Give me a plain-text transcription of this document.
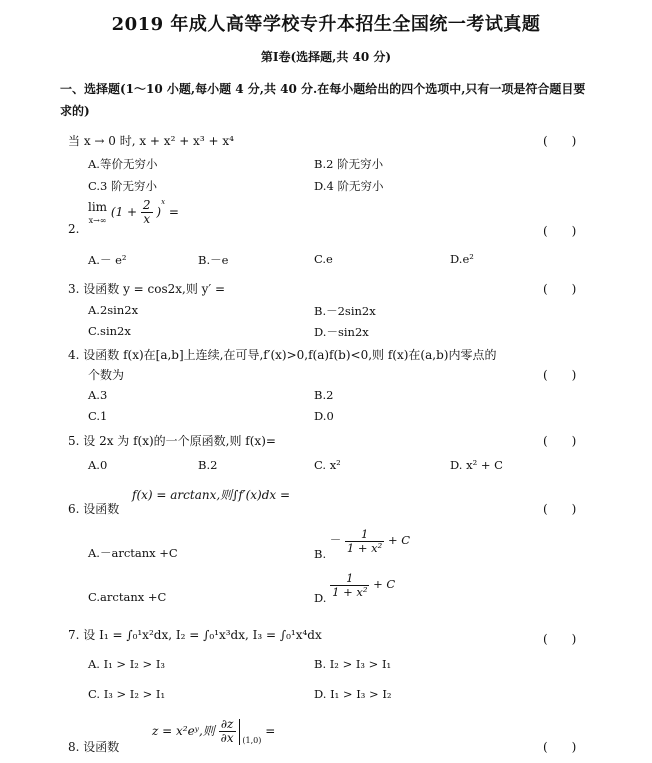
2019 年成人高等学校专升本招生全国统一考试真题
第Ⅰ卷(选择题,共 40 分)
一、选择题(1～10 小题,每小题 4 分,共 40 分.在每小题给出的四个选项中,只有一项是符合题目要求的)
当 x → 0 时, x + x² + x³ + x⁴	(　　)
A.等价无穷小	B.2 阶无穷小
C.3 阶无穷小	D.4 阶无穷小
2.
lim
x→∞ $(1 + \frac{2}{x} )^x$ =
(　　)
A.－ e²	B.－e	C.e	D.e²
3. 设函数 y = cos2x,则 y′ =	(　　)
A.2sin2x	B.－2sin2x
C.sin2x	D.－sin2x
4. 设函数 f(x)在[a,b]上连续,在可导,f′(x)>0,f(a)f(b)<0,则 f(x)在(a,b)内零点的
个数为	(　　)
A.3	B.2
C.1	D.0
5. 设 2x 为 f(x)的一个原函数,则 f(x)=	(　　)
A.0	B.2	C. x²	D. x² + C
6. 设函数
f(x) = arctanx,则∫f′(x)dx =
(　　)
A.－arctanx +C	B. － $\frac{1}{\text{1 + x²}} + C$
C.arctanx +C	D. $\frac{1}{\text{1 + x²}} + C$
7. 设 I₁ = ∫₀¹x²dx, I₂ = ∫₀¹x³dx, I₃ = ∫₀¹x⁴dx	(　　)
A. I₁ > I₂ > I₃	B. I₂ > I₃ > I₁
C. I₃ > I₂ > I₁	D. I₁ > I₃ > I₂
8. 设函数
z = x²eʸ,则 $\frac{\partial z}{\partial x} _{(1,0)}$ =
(　　)
